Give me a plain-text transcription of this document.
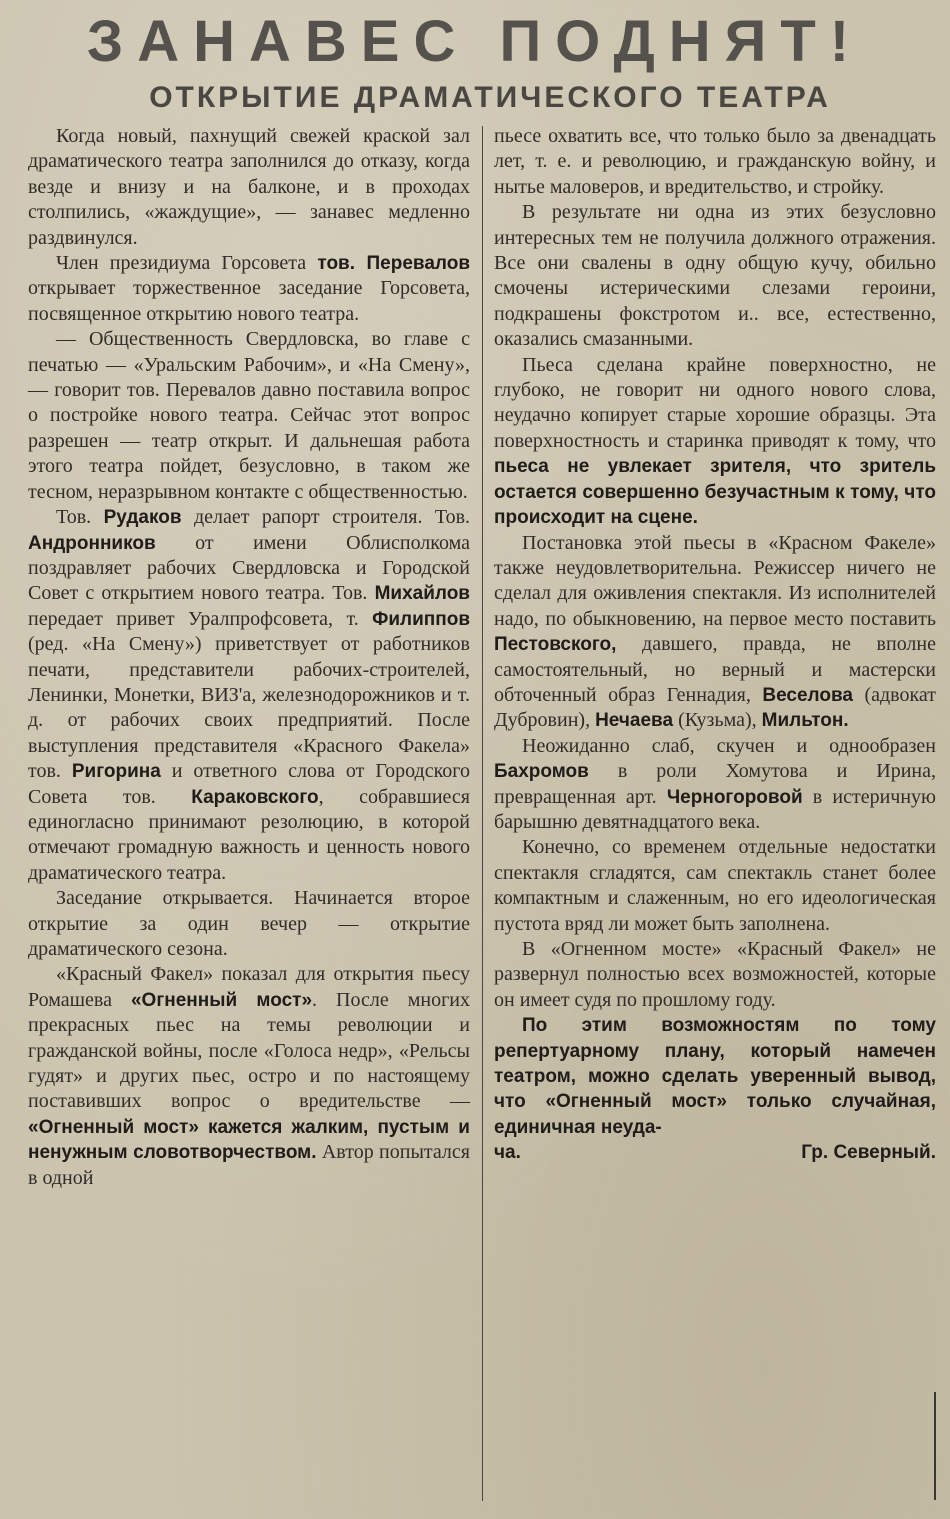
ЗАНАВЕС ПОДНЯТ!
ОТКРЫТИЕ ДРАМАТИЧЕСКОГО ТЕАТРА

Когда новый, пахнущий свежей краской зал драматического театра заполнился до отказу, когда везде и внизу и на балконе, и в проходах столпились, «жаждущие», — занавес медленно раздвинулся.

Член президиума Горсовета тов. Перевалов открывает торжественное заседание Горсовета, посвященное открытию нового театра.

— Общественность Свердловска, во главе с печатью — «Уральским Рабочим», и «На Смену», — говорит тов. Перевалов давно поставила вопрос о постройке нового театра. Сейчас этот вопрос разрешен — театр открыт. И дальнешая работа этого театра пойдет, безусловно, в таком же тесном, неразрывном контакте с общественностью.

Тов. Рудаков делает рапорт строителя. Тов. Андронников от имени Облисполкома поздравляет рабочих Свердловска и Городской Совет с открытием нового театра. Тов. Михайлов передает привет Уралпрофсовета, т. Филиппов (ред. «На Смену») приветствует от работников печати, представители рабочих-строителей, Ленинки, Монетки, ВИЗ'а, железнодорожников и т. д. от рабочих своих предприятий. После выступления представителя «Красного Факела» тов. Ригорина и ответного слова от Городского Совета тов. Караковского, собравшиеся единогласно принимают резолюцию, в которой отмечают громадную важность и ценность нового драматического театра.

Заседание открывается. Начинается второе открытие за один вечер — открытие драматического сезона.

«Красный Факел» показал для открытия пьесу Ромашева «Огненный мост». После многих прекрасных пьес на темы революции и гражданской войны, после «Голоса недр», «Рельсы гудят» и других пьес, остро и по настоящему поставивших вопрос о вредительстве — «Огненный мост» кажется жалким, пустым и ненужным словотворчеством. Автор попытался в одной

пьесе охватить все, что только было за двенадцать лет, т. е. и революцию, и гражданскую войну, и нытье маловеров, и вредительство, и стройку.

В результате ни одна из этих безусловно интересных тем не получила должного отражения. Все они свалены в одну общую кучу, обильно смочены истерическими слезами героини, подкрашены фокстротом и.. все, естественно, оказались смазанными.

Пьеса сделана крайне поверхностно, не глубоко, не говорит ни одного нового слова, неудачно копирует старые хорошие образцы. Эта поверхностность и старинка приводят к тому, что пьеса не увлекает зрителя, что зритель остается совершенно безучастным к тому, что происходит на сцене.

Постановка этой пьесы в «Красном Факеле» также неудовлетворительна. Режиссер ничего не сделал для оживления спектакля. Из исполнителей надо, по обыкновению, на первое место поставить Пестовского, давшего, правда, не вполне самостоятельный, но верный и мастерски обточенный образ Геннадия, Веселова (адвокат Дубровин), Нечаева (Кузьма), Мильтон.

Неожиданно слаб, скучен и однообразен Бахромов в роли Хомутова и Ирина, превращенная арт. Черногоровой в истеричную барышню девятнадцатого века.

Конечно, со временем отдельные недостатки спектакля сгладятся, сам спектакль станет более компактным и слаженным, но его идеологическая пустота вряд ли может быть заполнена.

В «Огненном мосте» «Красный Факел» не развернул полностью всех возможностей, которые он имеет судя по прошлому году.

По этим возможностям по тому репертуарному плану, который намечен театром, можно сделать уверенный вывод, что «Огненный мост» только случайная, единичная неуда-

ча.	Гр. Северный.
